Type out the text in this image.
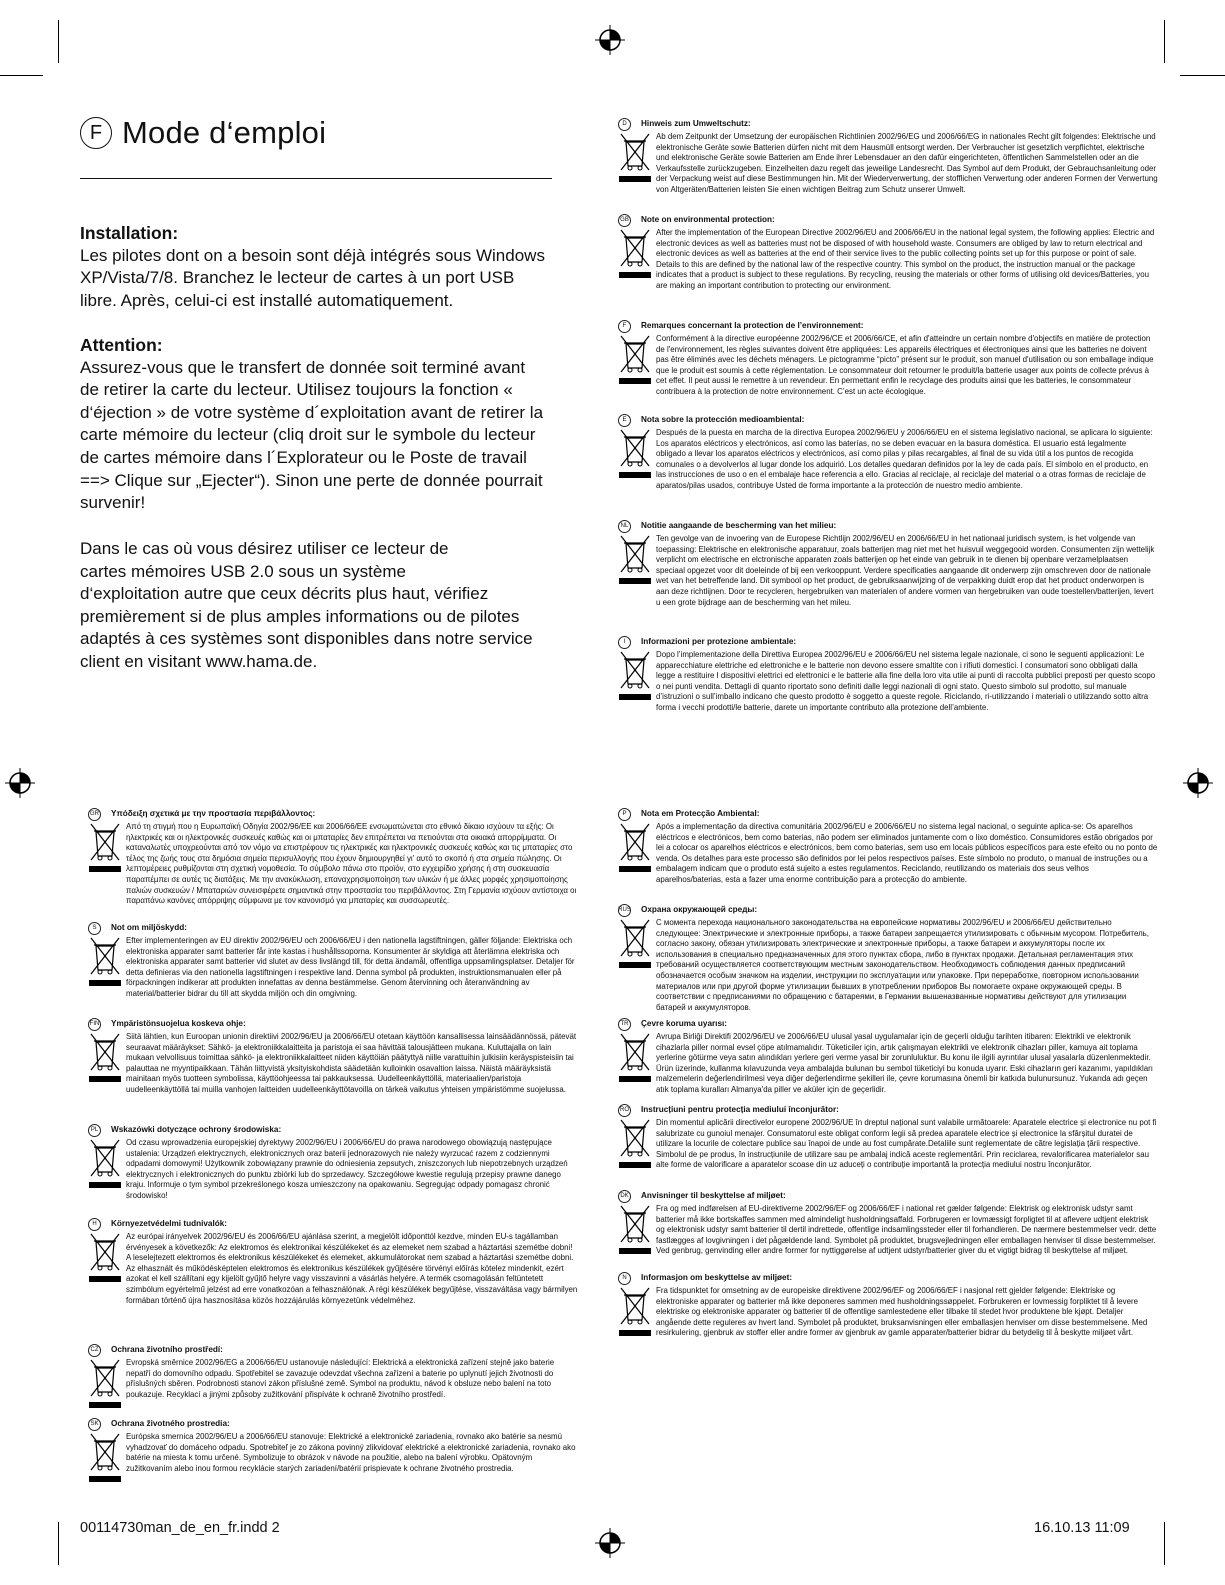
F Mode d‘emploi
Installation:

Les pilotes dont on a besoin sont déjà intégrés sous Windows
XP/Vista/7/8. Branchez le lecteur de cartes à un port USB
libre. Après, celui-ci est installé automatiquement.

Attention:

Assurez-vous que le transfert de donnée soit terminé avant
de retirer la carte du lecteur. Utilisez toujours la fonction «
d‘éjection » de votre système d´exploitation avant de retirer la
carte mémoire du lecteur (cliq droit sur le symbole du lecteur
de cartes mémoire dans l´Explorateur ou le Poste de travail
==> Clique sur „Ejecter“). Sinon une perte de donnée pourrait
survenir!

Dans le cas où vous désirez utiliser ce lecteur de
cartes mémoires USB 2.0 sous un système
d‘exploitation autre que ceux décrits plus haut, vérifiez
premièrement si de plus amples informations ou de pilotes
adaptés à ces systèmes sont disponibles dans notre service
client en visitant www.hama.de.

D	Hinweis zum Umweltschutz:

Ab dem Zeitpunkt der Umsetzung der europäischen Richtlinien 2002/96/EG und 2006/66/EG in nationales Recht gilt folgendes: Elektrische und elektronische Geräte sowie Batterien dürfen nicht mit dem Hausmüll entsorgt werden. Der Verbraucher ist gesetzlich verpflichtet, elektrische und elektronische Geräte sowie Batterien am Ende ihrer Lebensdauer an den dafür eingerichteten, öffentlichen Sammelstellen oder an die Verkaufsstelle zurückzugeben. Einzelheiten dazu regelt das jeweilige Landesrecht. Das Symbol auf dem Produkt, der Gebrauchsanleitung oder der Verpackung weist auf diese Bestimmungen hin. Mit der Wiederverwertung, der stofflichen Verwertung oder anderen Formen der Verwertung von Altgeräten/Batterien leisten Sie einen wichtigen Beitrag zum Schutz unserer Umwelt.

GB Note on environmental protection:

After the implementation of the European Directive 2002/96/EU and 2006/66/EU in the national legal system, the following applies: Electric and electronic devices as well as batteries must not be disposed of with household waste. Consumers are obliged by law to return electrical and electronic devices as well as batteries at the end of their service lives to the public collecting points set up for this purpose or point of sale. Details to this are defined by the national law of the respective country. This symbol on the product, the instruction manual or the package indicates that a product is subject to these regulations. By recycling, reusing the materials or other forms of utilising old devices/Batteries, you are making an important contribution to protecting our environment.

F	Remarques concernant la protection de l’environnement:

Conformément à la directive européenne 2002/96/CE et 2006/66/CE, et afin d'atteindre un certain nombre d'objectifs en matière de protection de l'environnement, les règles suivantes doivent être appliquées: Les appareils électriques et électroniques ainsi que les batteries ne doivent pas être éliminés avec les déchets ménagers. Le pictogramme “picto” présent sur le produit, son manuel d'utilisation ou son emballage indique que le produit est soumis à cette réglementation. Le consommateur doit retourner le produit/la batterie usager aux points de collecte prévus à cet effet. Il peut aussi le remettre à un revendeur. En permettant enfin le recyclage des produits ainsi que les batteries, le consommateur contribuera à la protection de notre environnement. C’est un acte écologique.

E	Nota sobre la protección medioambiental:

Después de la puesta en marcha de la directiva Europea 2002/96/EU y 2006/66/EU en el sistema legislativo nacional, se aplicara lo siguiente: Los aparatos eléctricos y electrónicos, así como las baterías, no se deben evacuar en la basura doméstica. El usuario está legalmente obligado a llevar los aparatos eléctricos y electrónicos, así como pilas y pilas recargables, al final de su vida útil a los puntos de recogida comunales o a devolverlos al lugar donde los adquirió. Los detalles quedaran definidos por la ley de cada país. El símbolo en el producto, en las instrucciones de uso o en el embalaje hace referencia a ello. Gracias al reciclaje, al reciclaje del material o a otras formas de reciclaje de aparatos/pilas usados, contribuye Usted de forma importante a la protección de nuestro medio ambiente.

NL	Notitie aangaande de bescherming van het milieu:

Ten gevolge van de invoering van de Europese Richtlijn 2002/96/EU en 2006/66/EU in het nationaal juridisch system, is het volgende van toepassing: Elektrische en elektronische apparatuur, zoals batterijen mag niet met het huisvuil weggegooid worden. Consumenten zijn wettelijk verplicht om electrische en elctronische apparaten zoals batterijen op het einde van gebruik in te dienen bij openbare verzamelplaatsen speciaal opgezet voor dit doeleinde of bij een verkooppunt. Verdere specificaties aangaande dit onderwerp zijn omschreven door de nationale wet van het betreffende land. Dit symbool op het product, de gebruiksaanwijzing of de verpakking duidt erop dat het product onderworpen is aan deze richtlijnen. Door te recycleren, hergebruiken van materialen of andere vormen van hergebruiken van oude toestellen/batterijen, levert u een grote bijdrage aan de bescherming van het mileu.

I	Informazioni per protezione ambientale:

Dopo l’implementazione della Direttiva Europea 2002/96/EU e 2006/66/EU nel sistema legale nazionale, ci sono le seguenti applicazioni: Le apparecchiature elettriche ed elettroniche e le batterie non devono essere smaltite con i rifiuti domestici. I consumatori sono obbligati dalla legge a restituire I dispositivi elettrici ed elettronici e le batterie alla fine della loro vita utile ai punti di raccolta pubblici preposti per questo scopo o nei punti vendita. Dettagli di quanto riportato sono definiti dalle leggi nazionali di ogni stato. Questo simbolo sul prodotto, sul manuale d’istruzioni o sull’imballo indicano che questo prodotto è soggetto a queste regole. Riciclando, ri-utilizzando i materiali o utilizzando sotto altra forma i vecchi prodotti/le batterie, darete un importante contributo alla protezione dell’ambiente.

GR Υπόδειξη σχετικά με την προστασία περιβάλλοντος:

Από τη στιγμή που η Ευρωπαϊκή Οδηγία 2002/96/ΕE και 2006/66/EE ενσωματώνεται στο εθνικό δίκαιο ισχύουν τα εξής: Οι ηλεκτρικές και οι ηλεκτρονικές συσκευές καθώς και οι μπαταρίες δεν επιτρέπεται να πετιούνται στα οικιακά απορρίμματα. Οι καταναλωτές υποχρεούνται από τον νόμο να επιστρέφουν τις ηλεκτρικές και ηλεκτρονικές συσκευές καθώς και τις μπαταρίες στο τέλος της ζωής τους στα δημόσια σημεία περισυλλογής που έχουν δημιουργηθεί γι' αυτό το σκοπό ή στα σημεία πώλησης. Οι λεπτομέρειες ρυθμίζονται στη σχετική νομοθεσία. Το σύμβολο πάνω στο προϊόν, στο εγχειρίδιο χρήσης ή στη συσκευασία παραπέμπει σε αυτές τις διατάξεις. Με την ανακύκλωση, επαναχρησιμοποίηση των υλικών ή με άλλες μορφές χρησιμοποίησης παλιών συσκευών / Μπαταριών συνεισφέρετε σημαντικά στην προστασία του περιβάλλοντος. Στη Γερμανία ισχύουν αντίστοιχα οι παραπάνω κανόνες απόρριψης σύμφωνα με τον κανονισμό για μπαταρίες και συσσωρευτές.

S	Not om miljöskydd:

Efter implementeringen av EU direktiv 2002/96/EU och 2006/66/EU i den nationella lagstiftningen, gäller följande: Elektriska och elektroniska apparater samt batterier får inte kastas i hushållssoporna. Konsumenter är skyldiga att återlämna elektriska och elektroniska apparater samt batterier vid slutet av dess livslängd till, för detta ändamål, offentliga uppsamlingsplatser. Detaljer för detta definieras via den nationella lagstiftningen i respektive land. Denna symbol på produkten, instruktionsmanualen eller på förpackningen indikerar att produkten innefattas av denna bestämmelse. Genom återvinning och återanvändning av material/batterier bidrar du till att skydda miljön och din omgivning.

FIN Ympäristönsuojelua koskeva ohje:

Siitä lähtien, kun Euroopan unionin direktiivi 2002/96/EU ja 2006/66/EU otetaan käyttöön kansallisessa lainsäädännössä, pätevät seuraavat määräykset: Sähkö- ja elektroniikkalaitteita ja paristoja ei saa hävittää talousjätteen mukana. Kuluttajalla on lain mukaan velvollisuus toimittaa sähkö- ja elektroniikkalaitteet niiden käyttöiän päätyttyä niille varattuihin julkisiin keräyspisteisiin tai palauttaa ne myyntipaikkaan. Tähän liittyvistä yksityiskohdista säädetään kulloinkin osavaltion laissa. Näistä määräyksistä mainitaan myös tuotteen symbolissa, käyttöohjeessa tai pakkauksessa. Uudelleenkäyttöllä, materiaalien/paristoja uudelleenkäyttöllä tai muilla vanhojen laitteiden uudelleenkäyttötavoilla on tärkeä vaikutus yhteisen ympäristömme suojelussa.

PL	Wskazówki dotyczące ochrony środowiska:

Od czasu wprowadzenia europejskiej dyrektywy 2002/96/EU i 2006/66/EU do prawa narodowego obowiązują następujące ustalenia: Urządzeń elektrycznych, elektronicznych oraz baterii jednorazowych nie należy wyrzucać razem z codziennymi odpadami domowymi! Użytkownik zobowiązany prawnie do odniesienia zepsutych, zniszczonych lub niepotrzebnych urządzeń elektrycznych i elektronicznych do punktu zbiórki lub do sprzedawcy. Szczegółowe kwestie regulują przepisy prawne danego kraju. Informuje o tym symbol przekreślonego kosza umieszczony na opakowaniu. Segregując odpady pomagasz chronić środowisko!

H	Környezetvédelmi tudnivalók:

Az európai irányelvek 2002/96/EU és 2006/66/EU ajánlása szerint, a megjelölt időponttól kezdve, minden EU-s tagállamban érvényesek a következők: Az elektromos és elektronikai készülékeket és az elemeket nem szabad a háztartási szemétbe dobni! A leselejtezett elektromos és elektronikus készülékeket és elemeket, akkumulátorokat nem szabad a háztartási szemétbe dobni. Az elhasznált és működésképtelen elektromos és elektronikus készülékek gyűjtésére törvényi előírás kötelez mindenkit, ezért azokat el kell szállítani egy kijelölt gyűjtő helyre vagy visszavinni a vásárlás helyére. A termék csomagolásán feltüntetett szimbólum egyértelmű jelzést ad erre vonatkozóan a felhasználónak. A régi készülékek begyűjtése, visszaváltása vagy bármilyen formában történő újra hasznosítása közös hozzájárulás környezetünk védelméhez.

CZ	Ochrana životního prostředí:

Evropská směrnice 2002/96/EG a 2006/66/EU ustanovuje následující: Elektrická a elektronická zařízení stejně jako baterie nepatří do domovního odpadu. Spotřebitel se zavazuje odevzdat všechna zařízení a baterie po uplynutí jejich životnosti do příslušných sběren. Podrobnosti stanoví zákon příslušné země. Symbol na produktu, návod k obsluze nebo balení na toto poukazuje. Recyklací a jinými způsoby zužitkování přispíváte k ochraně životního prostředí.

SK	Ochrana životného prostredia:

Európska smernica 2002/96/EU a 2006/66/EU stanovuje: Elektrické a elektronické zariadenia, rovnako ako batérie sa nesmú vyhadzovať do domáceho odpadu. Spotrebiteľ je zo zákona povinný zlikvidovať elektrické a elektronické zariadenia, rovnako ako batérie na miesta k tomu určené. Symbolizuje to obrázok v návode na použitie, alebo na balení výrobku. Opätovným zužitkovaním alebo inou formou recyklácie starých zariadení/batérií prispievate k ochrane životného prostredia.

P	Nota em Protecção Ambiental:

Após a implementação da directiva comunitária 2002/96/EU e 2006/66/EU no sistema legal nacional, o seguinte aplica-se: Os aparelhos eléctricos e electrónicos, bem como baterias, não podem ser eliminados juntamente com o lixo doméstico. Consumidores estão obrigados por lei a colocar os aparelhos eléctricos e electrónicos, bem como baterias, sem uso em locais públicos específicos para este efeito ou no ponto de venda. Os detalhes para este processo são definidos por lei pelos respectivos países. Este símbolo no produto, o manual de instruções ou a embalagem indicam que o produto está sujeito a estes regulamentos. Reciclando, reutilizando os materiais dos seus velhos aparelhos/baterias, esta a fazer uma enorme contribuição para a protecção do ambiente.

RUS Охрана окружающей среды:

С момента перехода национального законодательства на европейские нормативы 2002/96/EU и 2006/66/EU действительно следующее: Электрические и электронные приборы, а также батареи запрещается утилизировать с обычным мусором. Потребитель, согласно закону, обязан утилизировать электрические и электронные приборы, а также батареи и аккумуляторы после их использования в специально предназначенных для этого пунктах сбора, либо в пунктах продажи. Детальная регламентация этих требований осуществляется соответствующим местным законодательством. Необходимость соблюдения данных предписаний обозначается особым значком на изделии, инструкции по эксплуатации или упаковке. При переработке, повторном использовании материалов или при другой форме утилизации бывших в употреблении приборов Вы помогаете охране окружающей среды. В соответствии с предписаниями по обращению с батареями, в Германии вышеназванные нормативы действуют для утилизации батарей и аккумуляторов.

TR	Çevre koruma uyarısı:

Avrupa Birliği Direktifi 2002/96/EU ve 2006/66/EU ulusal yasal uygulamalar için de geçerli olduğu tarihten itibaren: Elektrikli ve elektronik cihazlarla piller normal evsel çöpe atılmamalıdır. Tüketiciler için, artık çalışmayan elektrikli ve elektronik cihazları piller, kamuya ait toplama yerlerine götürme veya satın alındıkları yerlere geri verme yasal bir zorunluluktur. Bu konu ile ilgili ayrıntılar ulusal yasalarla düzenlenmektedir. Ürün üzerinde, kullanma kılavuzunda veya ambalajda bulunan bu sembol tüketiciyi bu konuda uyarır. Eski cihazların geri kazanımı, yapıldıkları malzemelerin değerlendirilmesi veya diğer değerlendirme şekilleri ile, çevre korumasına önemli bir katkıda bulunursunuz. Yukarıda adı geçen atık toplama kuralları Almanya'da piller ve aküler için de geçerlidir.

RO Instrucțiuni pentru protecția mediului înconjurător:

Din momentul aplicării directivelor europene 2002/96/UE în dreptul național sunt valabile următoarele: Aparatele electrice și electronice nu pot fi salubrizate cu gunoiul menajer. Consumatorul este obligat conform legii să predea aparatele electrice și electronice la sfârșitul duratei de utilizare la locurile de colectare publice sau înapoi de unde au fost cumpărate.Detaliile sunt reglementate de către legislația țării respective. Simbolul de pe produs, în instrucțiunile de utilizare sau pe ambalaj indică aceste reglementări. Prin reciclarea, revalorificarea materialelor sau alte forme de valorificare a aparatelor scoase din uz aduceți o contribuție importantă la protecția mediului nostru înconjurător.

DK Anvisninger til beskyttelse af miljøet:

Fra og med indførelsen af EU-direktiverne 2002/96/EF og 2006/66/EF i national ret gælder følgende: Elektrisk og elektronisk udstyr samt batterier må ikke bortskaffes sammen med almindeligt husholdningsaffald. Forbrugeren er lovmæssigt forpligtet til at aflevere udtjent elektrisk og elektronisk udstyr samt batterier til dertil indrettede, offentlige indsamlingssteder eller til forhandleren. De nærmere bestemmelser vedr. dette fastlægges af lovgivningen i det pågældende land. Symbolet på produktet, brugsvejledningen eller emballagen henviser til disse bestemmelser. Ved genbrug, genvinding eller andre former for nyttiggørelse af udtjent udstyr/batterier giver du et vigtigt bidrag til beskyttelse af miljøet.

N	Informasjon om beskyttelse av miljøet:

Fra tidspunktet for omsetning av de europeiske direktivene 2002/96/EF og 2006/66/EF i nasjonal rett gjelder følgende: Elektriske og elektroniske apparater og batterier må ikke deponeres sammen med husholdningssøppelet. Forbrukeren er lovmessig forpliktet til å levere elektriske og elektroniske apparater og batterier til de offentlige samlestedene eller tilbake til stedet hvor produktene ble kjøpt. Detaljer angående dette reguleres av hvert land. Symbolet på produktet, bruksanvisningen eller emballasjen henviser om disse bestemmelsene. Med resirkulering, gjenbruk av stoffer eller andre former av gjenbruk av gamle apparater/batterier bidrar du betydelig til å beskytte miljøet vårt.

00114730man_de_en_fr.indd 2	16.10.13 11:09
